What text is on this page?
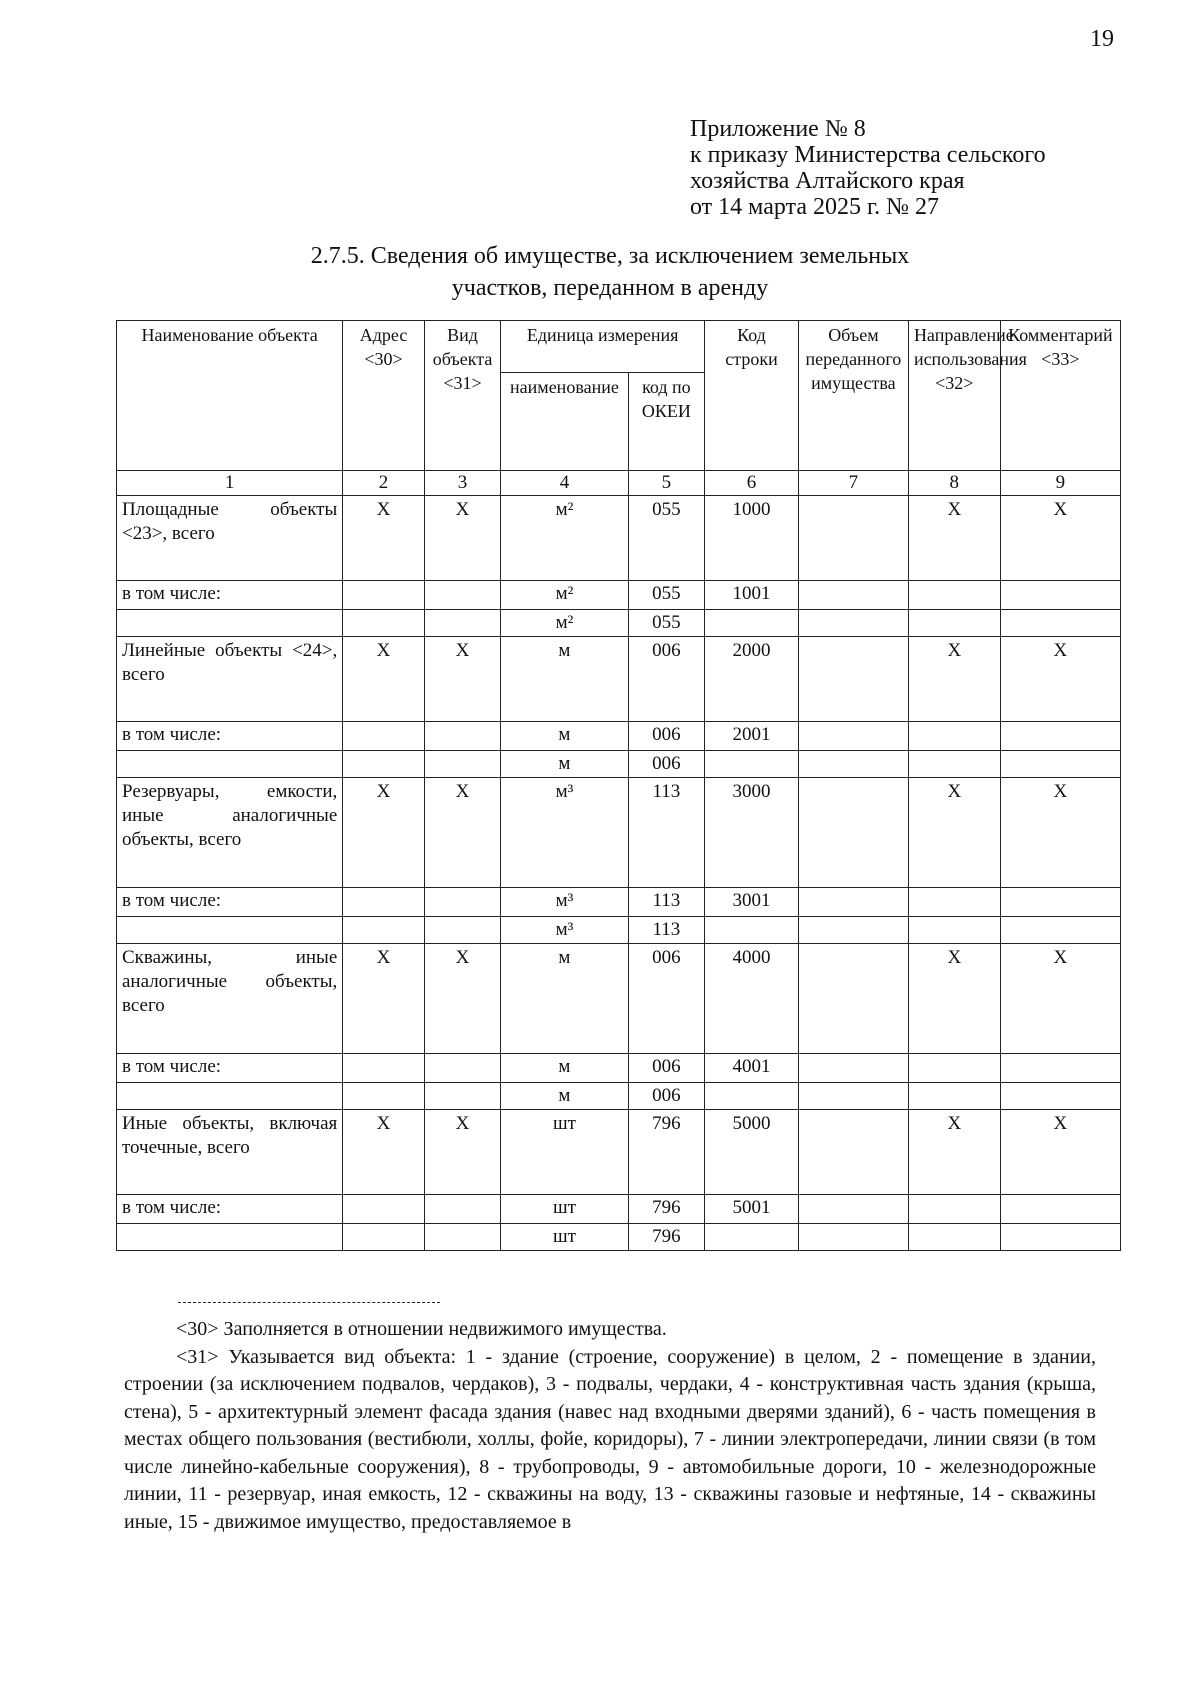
19
Приложение № 8
к приказу Министерства сельского
хозяйства Алтайского края
от 14 марта 2025 г. № 27
2.7.5. Сведения об имуществе, за исключением земельных
участков, переданном в аренду
Наименование объекта	Адрес <30>	Вид объекта <31>	Единица измерения		Код строки	Объем переданного имущества	Направление использования <32>	Комментарий <33>
			наименование	код по ОКЕИ				
1	2	3	4	5	6	7	8	9
Площадные объекты <23>, всего	X	X	м²	055	1000		X	X
в том числе:			м²	055	1001			
			м²	055				
Линейные объекты <24>, всего	X	X	м	006	2000		X	X
в том числе:			м	006	2001			
			м	006				
Резервуары, емкости, иные аналогичные объекты, всего	X	X	м³	113	3000		X	X
в том числе:			м³	113	3001			
			м³	113				
Скважины, иные аналогичные объекты, всего	X	X	м	006	4000		X	X
в том числе:			м	006	4001			
			м	006				
Иные объекты, включая точечные, всего	X	X	шт	796	5000		X	X
в том числе:			шт	796	5001			
			шт	796				

<30> Заполняется в отношении недвижимого имущества.

<31> Указывается вид объекта: 1 - здание (строение, сооружение) в целом, 2 - помещение в здании, строении (за исключением подвалов, чердаков), 3 - подвалы, чердаки, 4 - конструктивная часть здания (крыша, стена), 5 - архитектурный элемент фасада здания (навес над входными дверями зданий), 6 - часть помещения в местах общего пользования (вестибюли, холлы, фойе, коридоры), 7 - линии электропередачи, линии связи (в том числе линейно-кабельные сооружения), 8 - трубопроводы, 9 - автомобильные дороги, 10 - железнодорожные линии, 11 - резервуар, иная емкость, 12 - скважины на воду, 13 - скважины газовые и нефтяные, 14 - скважины иные, 15 - движимое имущество, предоставляемое в
